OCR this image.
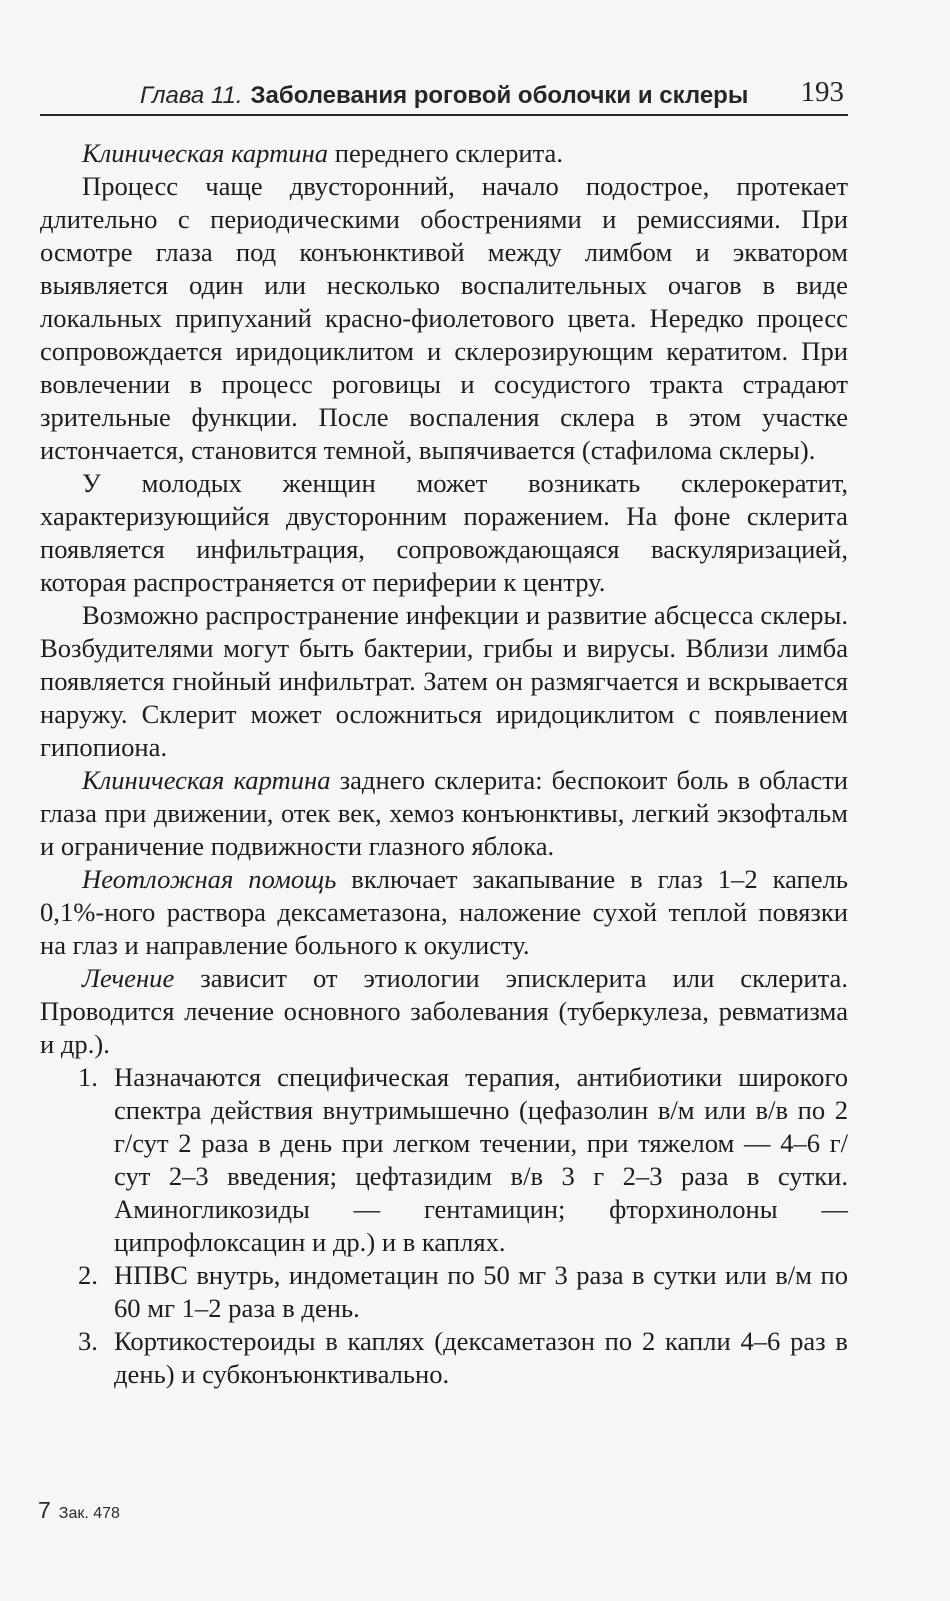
Глава 11. Заболевания роговой оболочки и склеры 193

Клиническая картина переднего склерита.

Процесс чаще двусторонний, начало подострое, протекает длительно с периодическими обострениями и ремиссиями. При осмотре глаза под конъюнктивой между лимбом и экватором выявляется один или несколько воспалительных очагов в виде локальных припуханий красно-фиолетового цвета. Нередко процесс сопровождается иридоциклитом и склерозирующим кератитом. При вовлечении в процесс роговицы и сосудистого тракта страдают зрительные функции. После воспаления склера в этом участке истончается, становится темной, выпячивается (стафилома склеры).

У молодых женщин может возникать склерокератит, характеризующийся двусторонним поражением. На фоне склерита появляется инфильтрация, сопровождающаяся васкуляризацией, которая распространяется от периферии к центру.

Возможно распространение инфекции и развитие абсцесса склеры. Возбудителями могут быть бактерии, грибы и вирусы. Вблизи лимба появляется гнойный инфильтрат. Затем он размягчается и вскрывается наружу. Склерит может осложниться иридоциклитом с появлением гипопиона.

Клиническая картина заднего склерита: беспокоит боль в области глаза при движении, отек век, хемоз конъюнктивы, легкий экзофтальм и ограничение подвижности глазного яблока.

Неотложная помощь включает закапывание в глаз 1–2 капель 0,1%-ного раствора дексаметазона, наложение сухой теплой повязки на глаз и направление больного к окулисту.

Лечение зависит от этиологии эписклерита или склерита. Проводится лечение основного заболевания (туберкулеза, ревматизма и др.).

1. Назначаются специфическая терапия, антибиотики широкого спектра действия внутримышечно (цефазолин в/м или в/в по 2 г/сут 2 раза в день при легком течении, при тяжелом — 4–6 г/сут 2–3 введения; цефтазидим в/в 3 г 2–3 раза в сутки. Аминогликозиды — гентамицин; фторхинолоны — ципрофлоксацин и др.) и в каплях.
2. НПВС внутрь, индометацин по 50 мг 3 раза в сутки или в/м по 60 мг 1–2 раза в день.
3. Кортикостероиды в каплях (дексаметазон по 2 капли 4–6 раз в день) и субконъюнктивально.
7 Зак. 478
